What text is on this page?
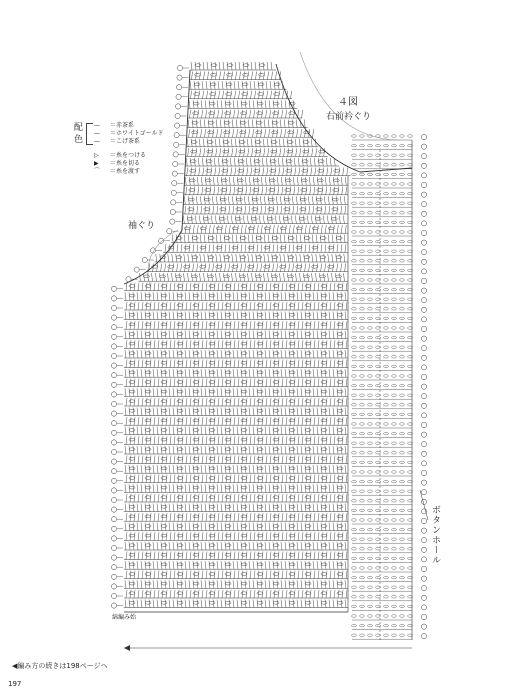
４図
右前衿ぐり
袖ぐり
ボタンホール
綿編み始
配色
— ＝赤茶系
— ＝ホワイトゴールド
— ＝こげ茶系
▷ ＝糸をつける
▶ ＝糸を切る
⌒ ＝糸を渡す
◀編み方の続きは198ページへ
197
